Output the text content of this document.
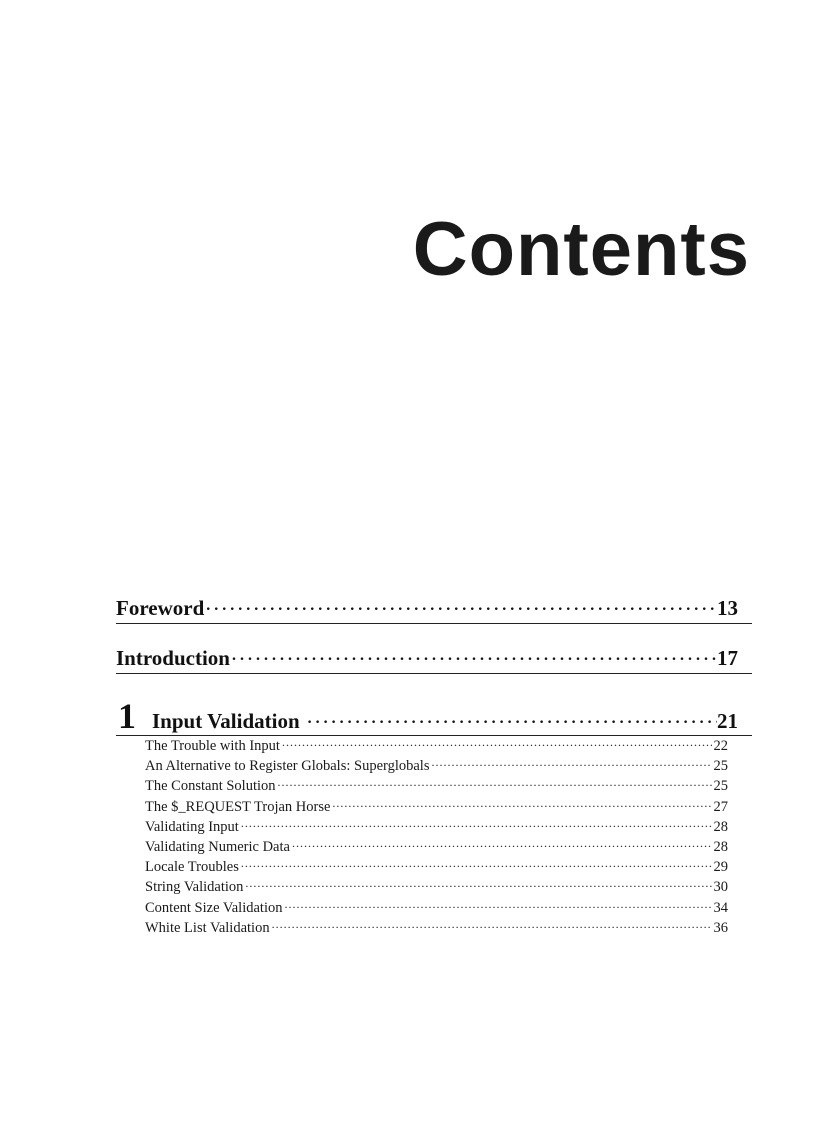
Contents
Foreword . . .	13
Introduction . . .	17
1 Input Validation . . .	21
The Trouble with Input . . .	22
An Alternative to Register Globals: Superglobals . . .	25
The Constant Solution . . .	25
The $_REQUEST Trojan Horse . . .	27
Validating Input . . .	28
Validating Numeric Data . . .	28
Locale Troubles . . .	29
String Validation . . .	30
Content Size Validation . . .	34
White List Validation . . .	36
